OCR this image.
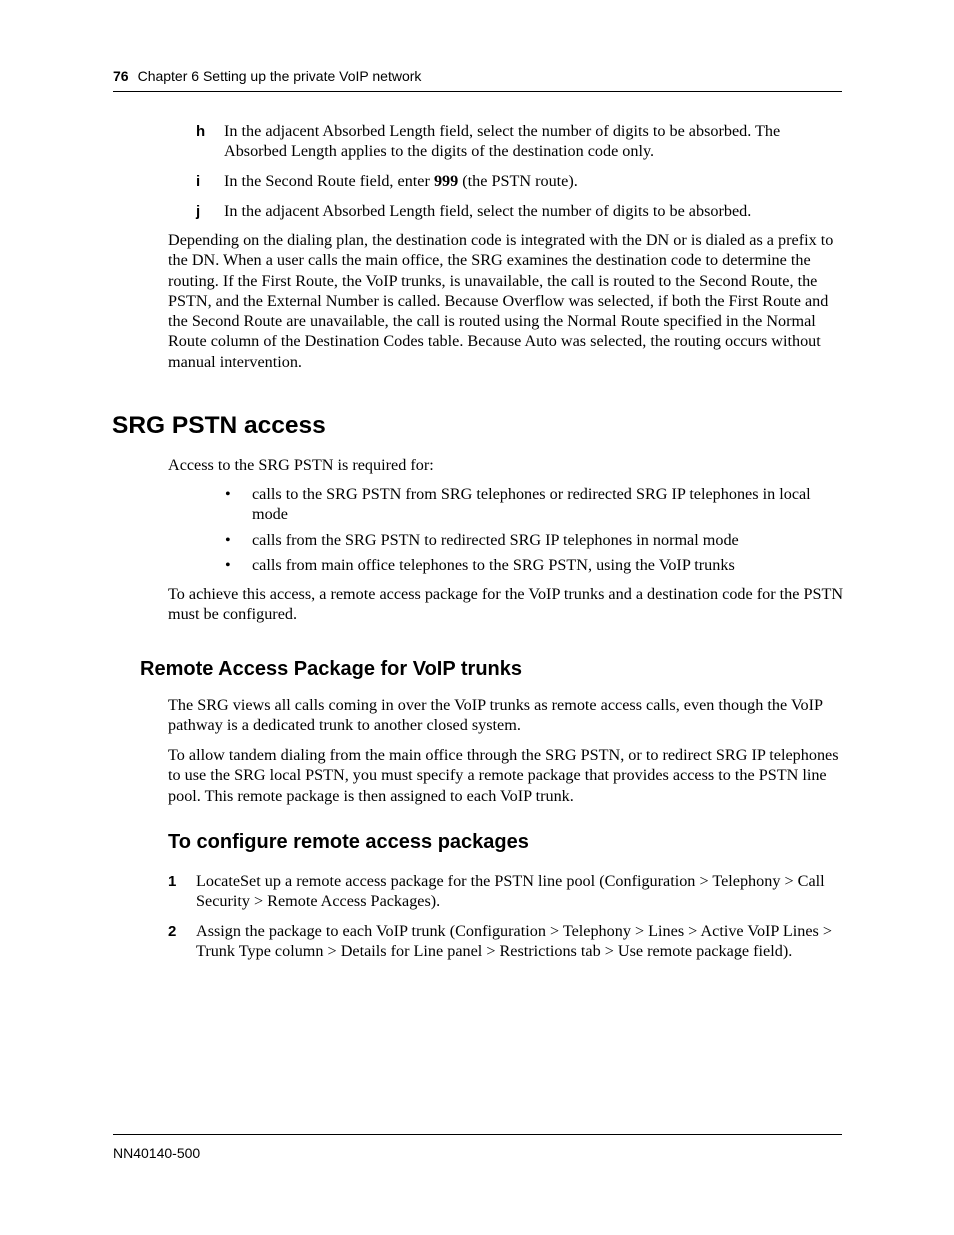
76 Chapter 6 Setting up the private VoIP network
h In the adjacent Absorbed Length field, select the number of digits to be absorbed. The Absorbed Length applies to the digits of the destination code only.
i In the Second Route field, enter 999 (the PSTN route).
j In the adjacent Absorbed Length field, select the number of digits to be absorbed.
Depending on the dialing plan, the destination code is integrated with the DN or is dialed as a prefix to the DN. When a user calls the main office, the SRG examines the destination code to determine the routing. If the First Route, the VoIP trunks, is unavailable, the call is routed to the Second Route, the PSTN, and the External Number is called. Because Overflow was selected, if both the First Route and the Second Route are unavailable, the call is routed using the Normal Route specified in the Normal Route column of the Destination Codes table. Because Auto was selected, the routing occurs without manual intervention.
SRG PSTN access
Access to the SRG PSTN is required for:
• calls to the SRG PSTN from SRG telephones or redirected SRG IP telephones in local mode
• calls from the SRG PSTN to redirected SRG IP telephones in normal mode
• calls from main office telephones to the SRG PSTN, using the VoIP trunks
To achieve this access, a remote access package for the VoIP trunks and a destination code for the PSTN must be configured.
Remote Access Package for VoIP trunks
The SRG views all calls coming in over the VoIP trunks as remote access calls, even though the VoIP pathway is a dedicated trunk to another closed system.
To allow tandem dialing from the main office through the SRG PSTN, or to redirect SRG IP telephones to use the SRG local PSTN, you must specify a remote package that provides access to the PSTN line pool. This remote package is then assigned to each VoIP trunk.
To configure remote access packages
1 LocateSet up a remote access package for the PSTN line pool (Configuration > Telephony > Call Security > Remote Access Packages).
2 Assign the package to each VoIP trunk (Configuration > Telephony > Lines > Active VoIP Lines > Trunk Type column > Details for Line panel > Restrictions tab > Use remote package field).
NN40140-500
